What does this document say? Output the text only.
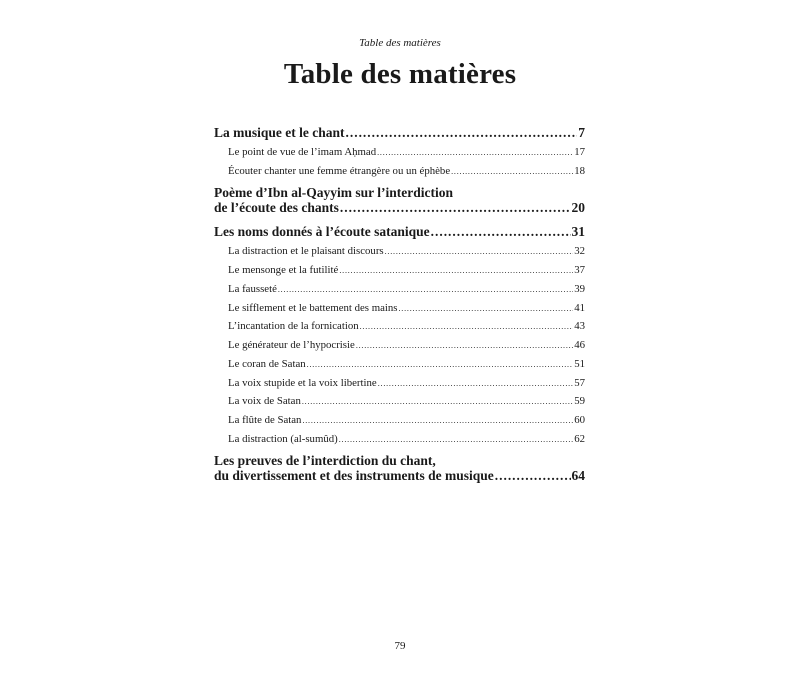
Table des matières
Table des matières
La musique et le chant . . .	7
Le point de vue de l’imam Aḥmad . . .	17
Écouter chanter une femme étrangère ou un éphèbe . . .	18
Poème d’Ibn al-Qayyim sur l’interdiction
de l’écoute des chants . . .	20
Les noms donnés à l’écoute satanique . . .	31
La distraction et le plaisant discours . . .	32
Le mensonge et la futilité . . .	37
La fausseté . . .	39
Le sifflement et le battement des mains . . .	41
L’incantation de la fornication . . .	43
Le générateur de l’hypocrisie . . .	46
Le coran de Satan . . .	51
La voix stupide et la voix libertine . . .	57
La voix de Satan . . .	59
La flûte de Satan . . .	60
La distraction (al-sumûd) . . .	62
Les preuves de l’interdiction du chant,
du divertissement et des instruments de musique . . .	64
79
